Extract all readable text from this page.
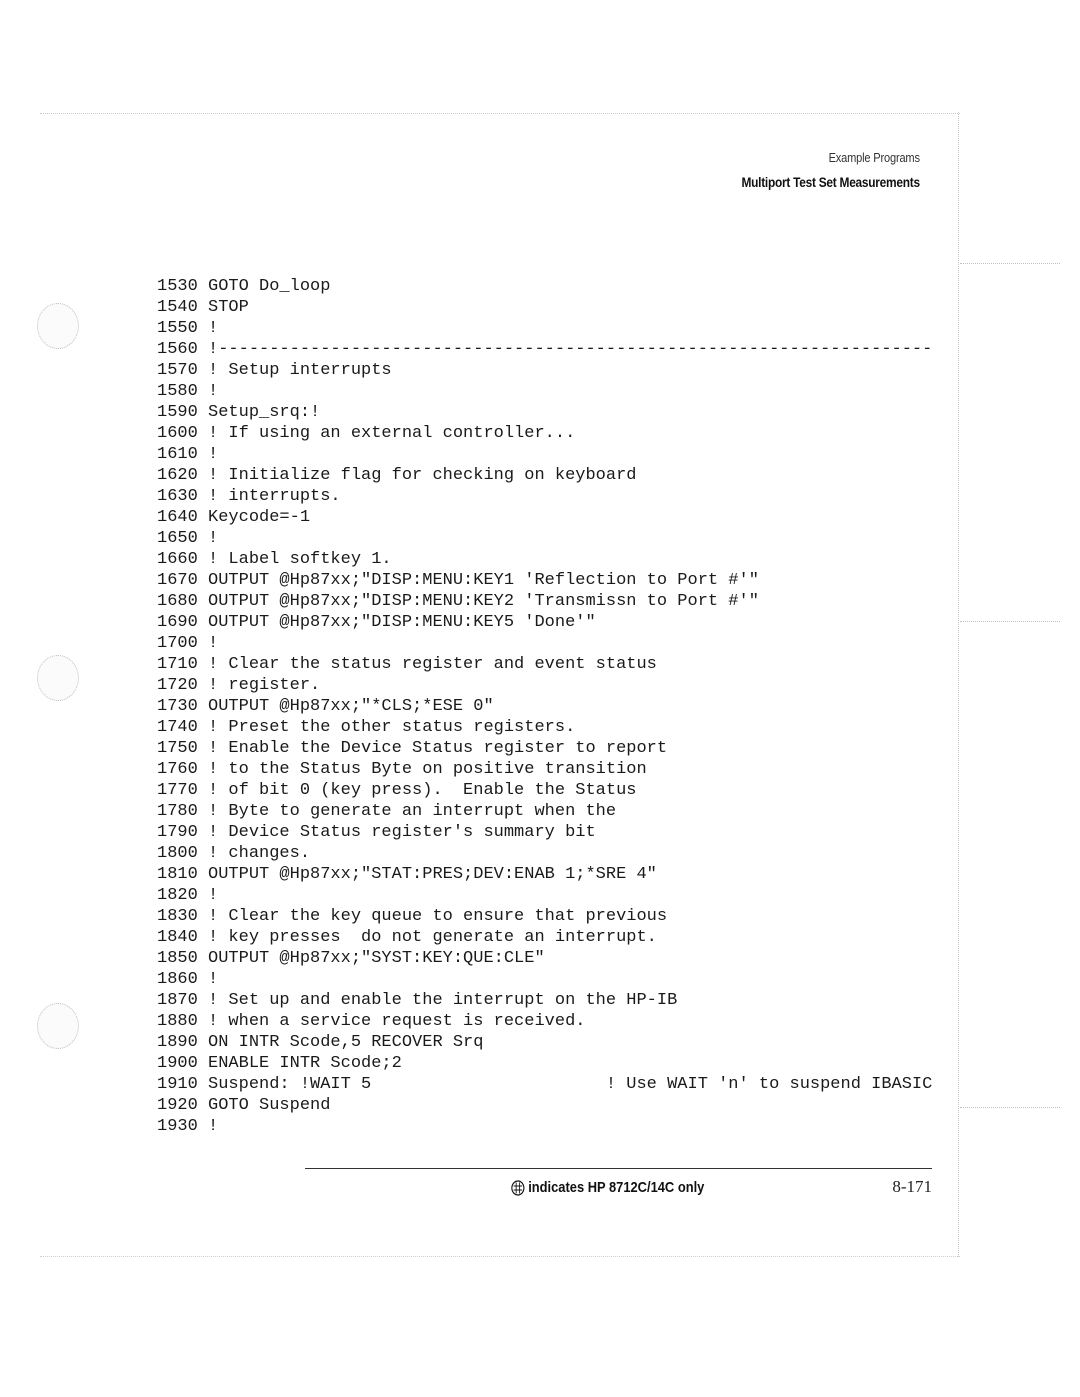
Example Programs
Multiport Test Set Measurements
1530 GOTO Do_loop
1540 STOP
1550 !
1560 !----------------------------------------------------------------------
1570 ! Setup interrupts
1580 !
1590 Setup_srq:!
1600 ! If using an external controller...
1610 !
1620 ! Initialize flag for checking on keyboard
1630 ! interrupts.
1640 Keycode=-1
1650 !
1660 ! Label softkey 1.
1670 OUTPUT @Hp87xx;"DISP:MENU:KEY1 'Reflection to Port #'"
1680 OUTPUT @Hp87xx;"DISP:MENU:KEY2 'Transmissn to Port #'"
1690 OUTPUT @Hp87xx;"DISP:MENU:KEY5 'Done'"
1700 !
1710 ! Clear the status register and event status
1720 ! register.
1730 OUTPUT @Hp87xx;"*CLS;*ESE 0"
1740 ! Preset the other status registers.
1750 ! Enable the Device Status register to report
1760 ! to the Status Byte on positive transition
1770 ! of bit 0 (key press).  Enable the Status
1780 ! Byte to generate an interrupt when the
1790 ! Device Status register's summary bit
1800 ! changes.
1810 OUTPUT @Hp87xx;"STAT:PRES;DEV:ENAB 1;*SRE 4"
1820 !
1830 ! Clear the key queue to ensure that previous
1840 ! key presses  do not generate an interrupt.
1850 OUTPUT @Hp87xx;"SYST:KEY:QUE:CLE"
1860 !
1870 ! Set up and enable the interrupt on the HP-IB
1880 ! when a service request is received.
1890 ON INTR Scode,5 RECOVER Srq
1900 ENABLE INTR Scode;2
1910 Suspend: !WAIT 5                       ! Use WAIT 'n' to suspend IBASIC
1920 GOTO Suspend
1930 !
indicates HP 8712C/14C only	8-171
